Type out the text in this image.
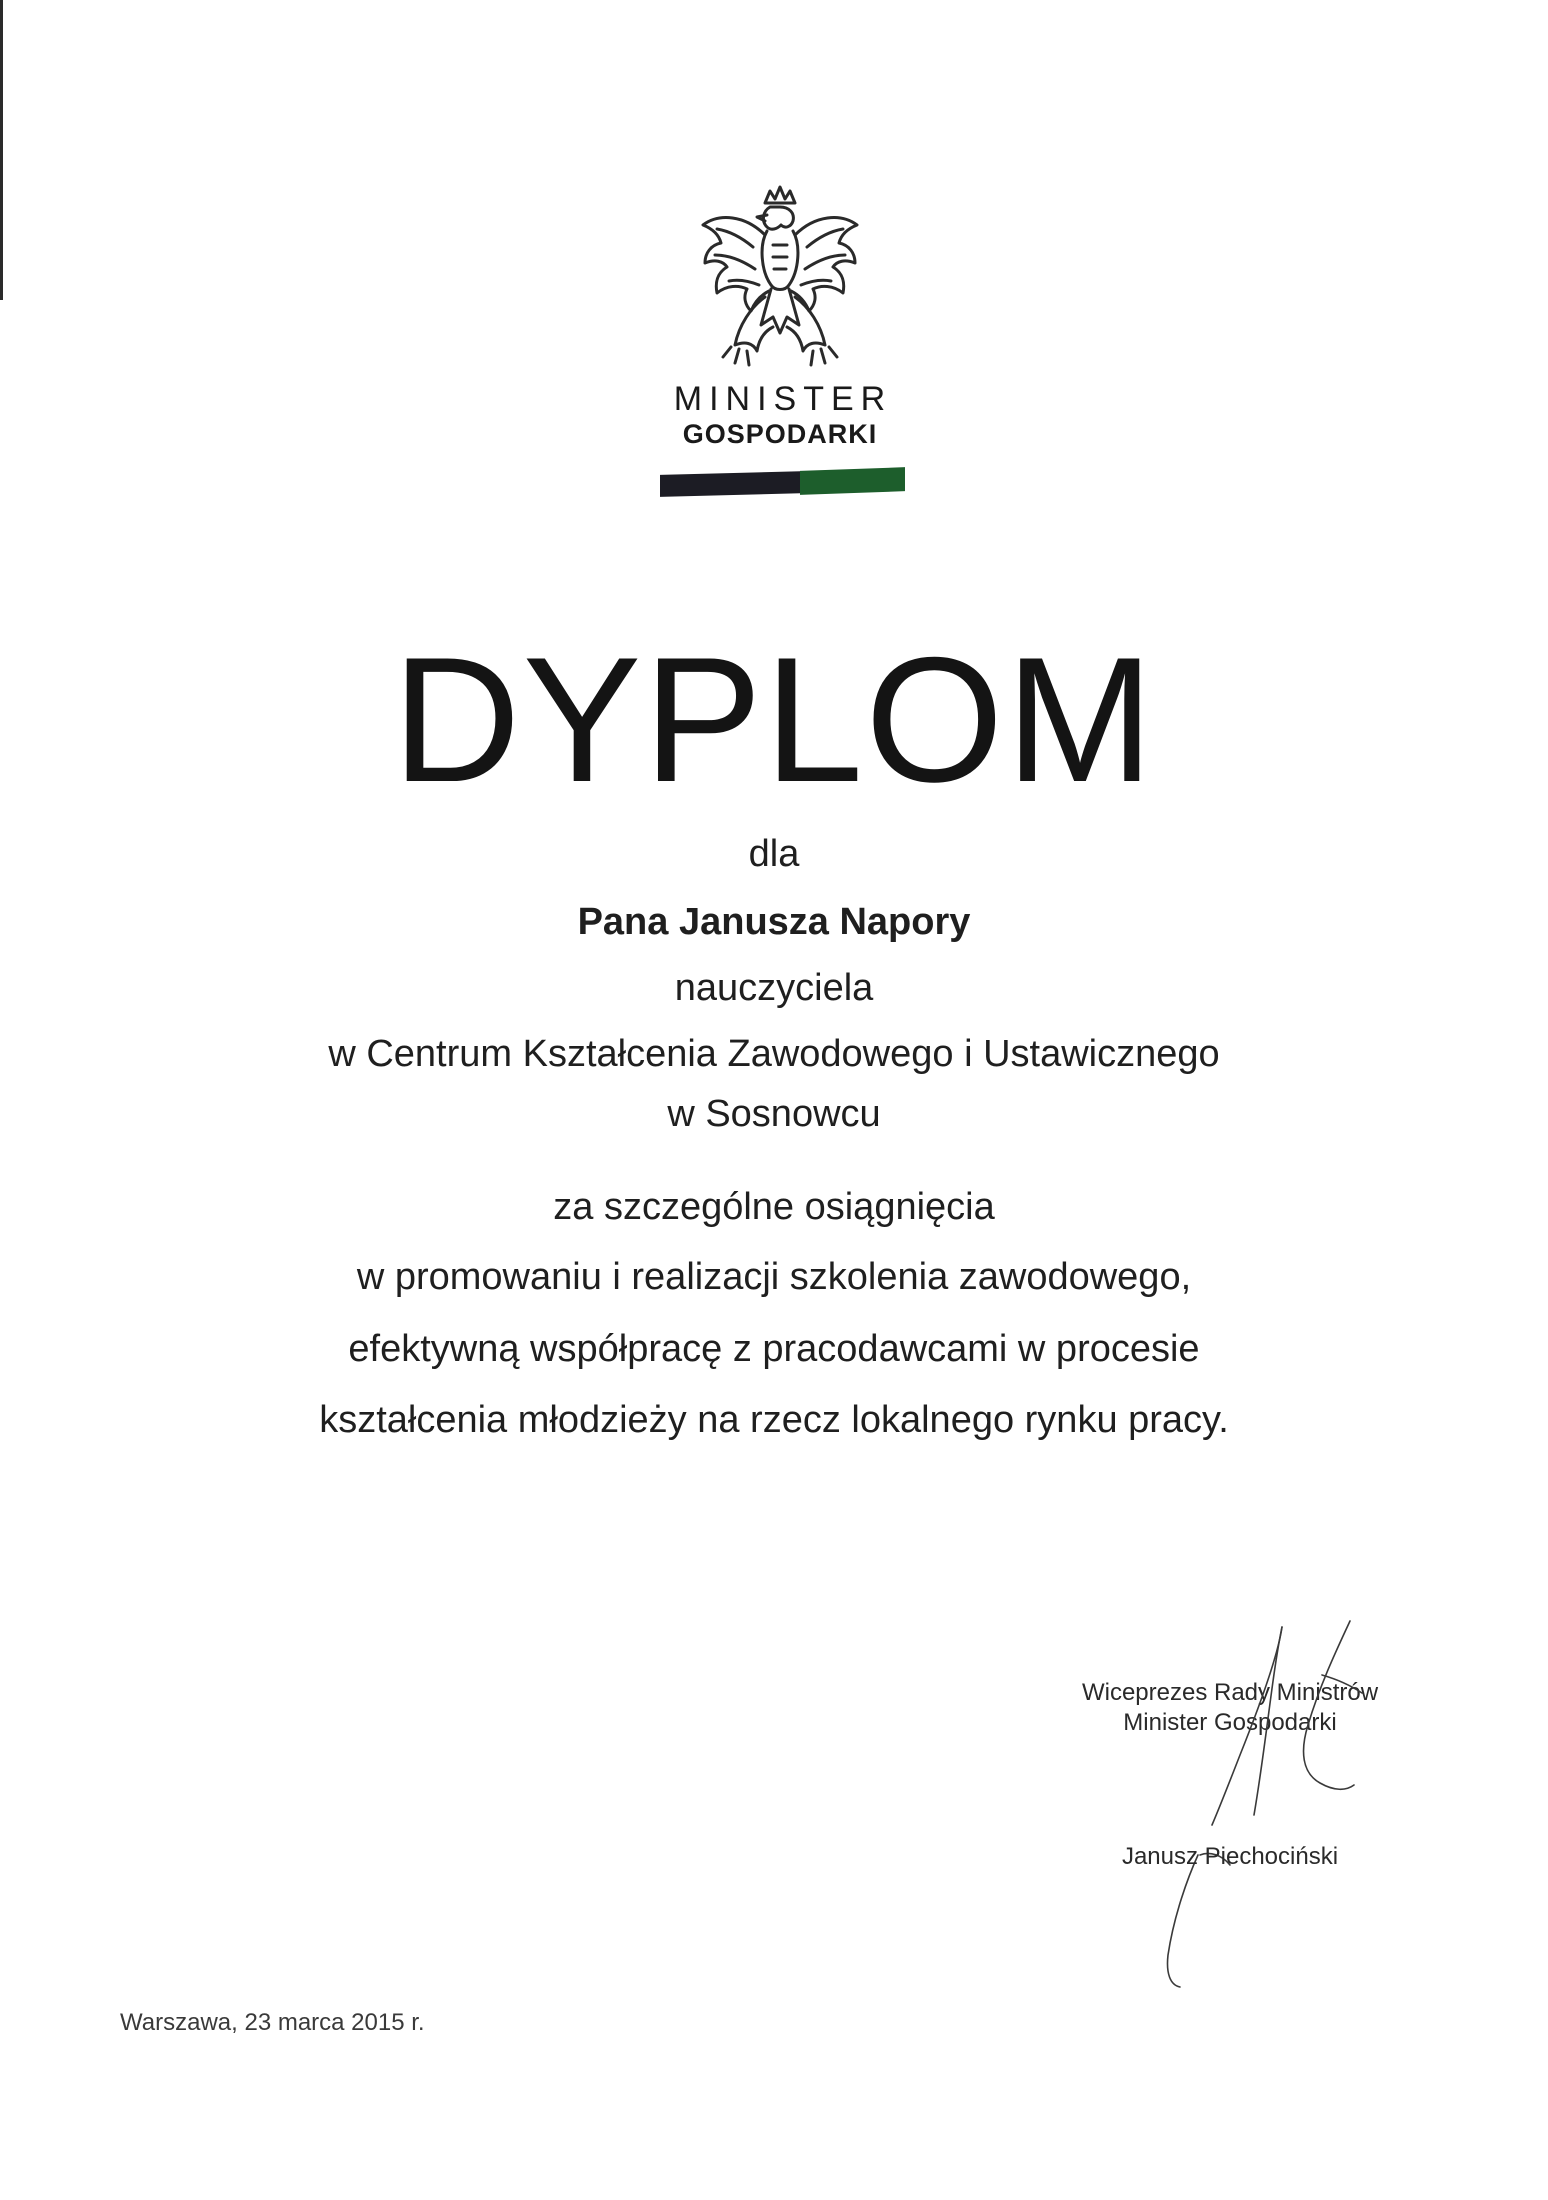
MINISTER
GOSPODARKI
DYPLOM
dla
Pana Janusza Napory
nauczyciela
w Centrum Kształcenia Zawodowego i Ustawicznego
w Sosnowcu
za szczególne osiągnięcia
w promowaniu i realizacji szkolenia zawodowego,
efektywną współpracę z pracodawcami w procesie
kształcenia młodzieży na rzecz lokalnego rynku pracy.
Wiceprezes Rady Ministrów
Minister Gospodarki
Janusz Piechociński
Warszawa, 23 marca 2015 r.
